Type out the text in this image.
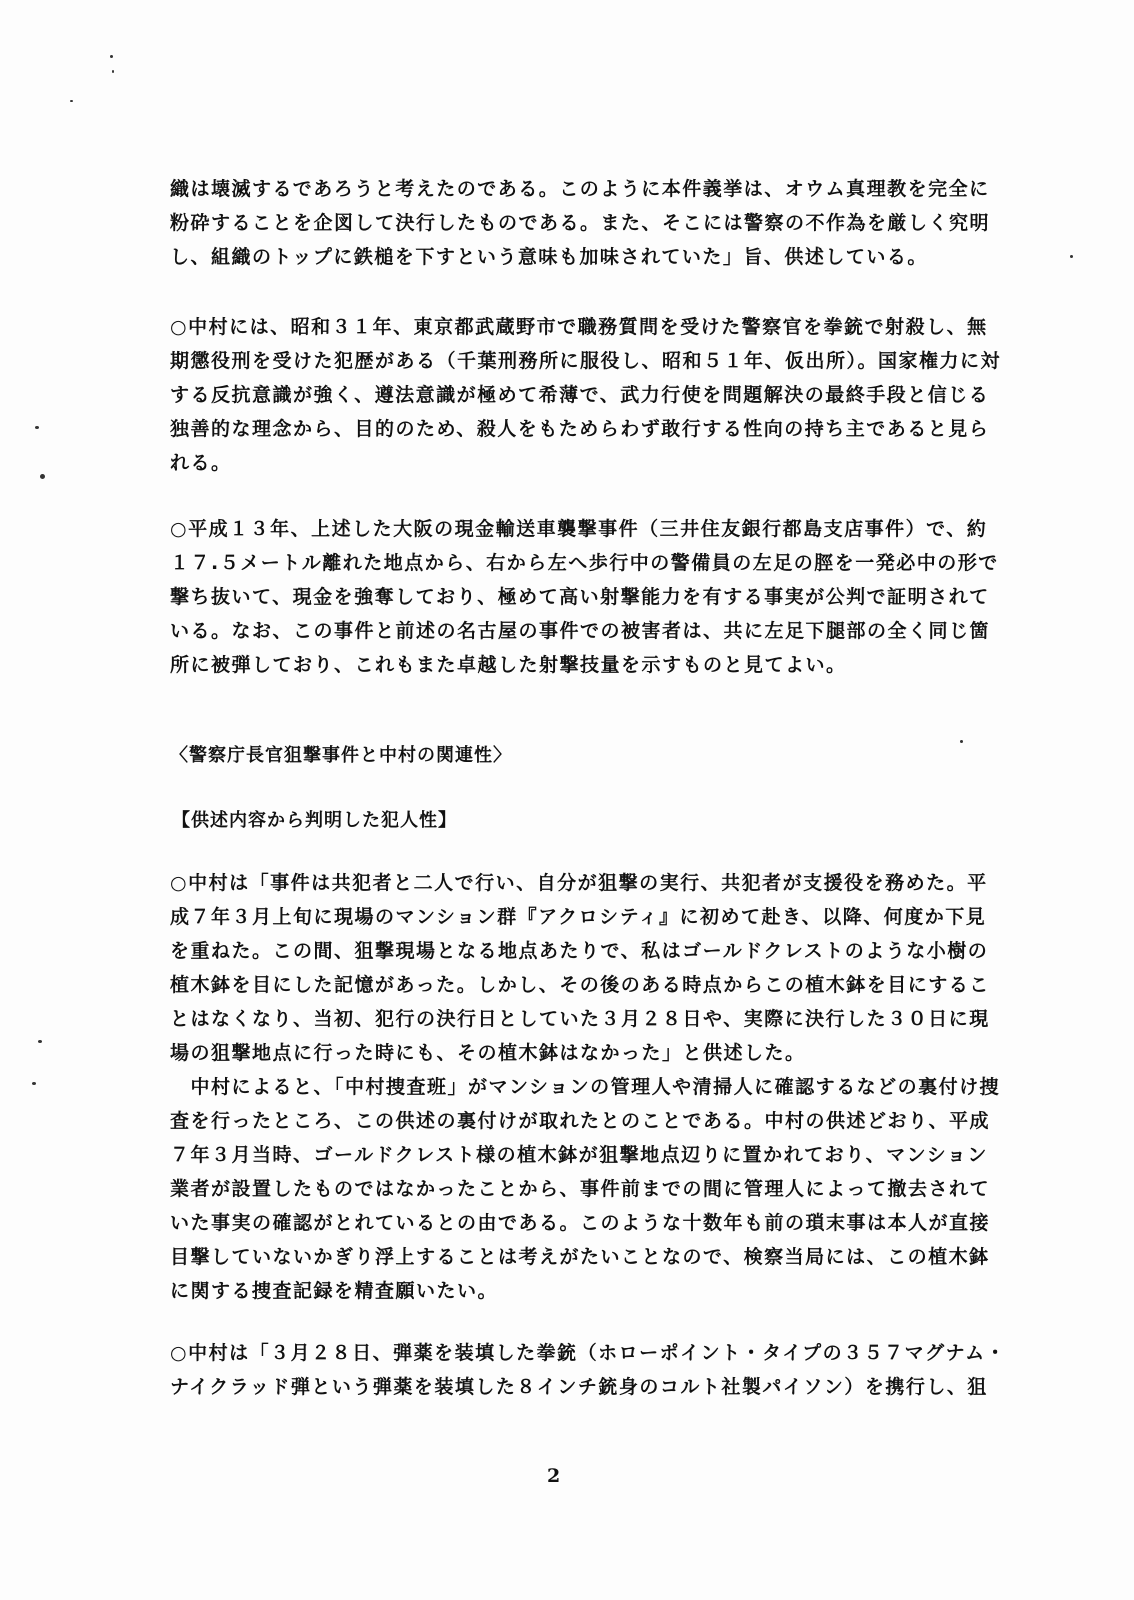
織は壊滅するであろうと考えたのである。このように本件義挙は、オウム真理教を完全に
粉砕することを企図して決行したものである。また、そこには警察の不作為を厳しく究明
し、組織のトップに鉄槌を下すという意味も加味されていた」旨、供述している。
○中村には、昭和３１年、東京都武蔵野市で職務質問を受けた警察官を拳銃で射殺し、無
期懲役刑を受けた犯歴がある（千葉刑務所に服役し、昭和５１年、仮出所）。国家権力に対
する反抗意識が強く、遵法意識が極めて希薄で、武力行使を問題解決の最終手段と信じる
独善的な理念から、目的のため、殺人をもためらわず敢行する性向の持ち主であると見ら
れる。
○平成１３年、上述した大阪の現金輸送車襲撃事件（三井住友銀行都島支店事件）で、約
１７.５メートル離れた地点から、右から左へ歩行中の警備員の左足の脛を一発必中の形で
撃ち抜いて、現金を強奪しており、極めて高い射撃能力を有する事実が公判で証明されて
いる。なお、この事件と前述の名古屋の事件での被害者は、共に左足下腿部の全く同じ箇
所に被弾しており、これもまた卓越した射撃技量を示すものと見てよい。
〈警察庁長官狙撃事件と中村の関連性〉
【供述内容から判明した犯人性】
○中村は「事件は共犯者と二人で行い、自分が狙撃の実行、共犯者が支援役を務めた。平
成７年３月上旬に現場のマンション群『アクロシティ』に初めて赴き、以降、何度か下見
を重ねた。この間、狙撃現場となる地点あたりで、私はゴールドクレストのような小樹の
植木鉢を目にした記憶があった。しかし、その後のある時点からこの植木鉢を目にするこ
とはなくなり、当初、犯行の決行日としていた３月２８日や、実際に決行した３０日に現
場の狙撃地点に行った時にも、その植木鉢はなかった」と供述した。
　中村によると、「中村捜査班」がマンションの管理人や清掃人に確認するなどの裏付け捜
査を行ったところ、この供述の裏付けが取れたとのことである。中村の供述どおり、平成
７年３月当時、ゴールドクレスト様の植木鉢が狙撃地点辺りに置かれており、マンション
業者が設置したものではなかったことから、事件前までの間に管理人によって撤去されて
いた事実の確認がとれているとの由である。このような十数年も前の瑣末事は本人が直接
目撃していないかぎり浮上することは考えがたいことなので、検察当局には、この植木鉢
に関する捜査記録を精査願いたい。
○中村は「３月２８日、弾薬を装填した拳銃（ホローポイント・タイプの３５７マグナム・
ナイクラッド弾という弾薬を装填した８インチ銃身のコルト社製パイソン）を携行し、狙
2
